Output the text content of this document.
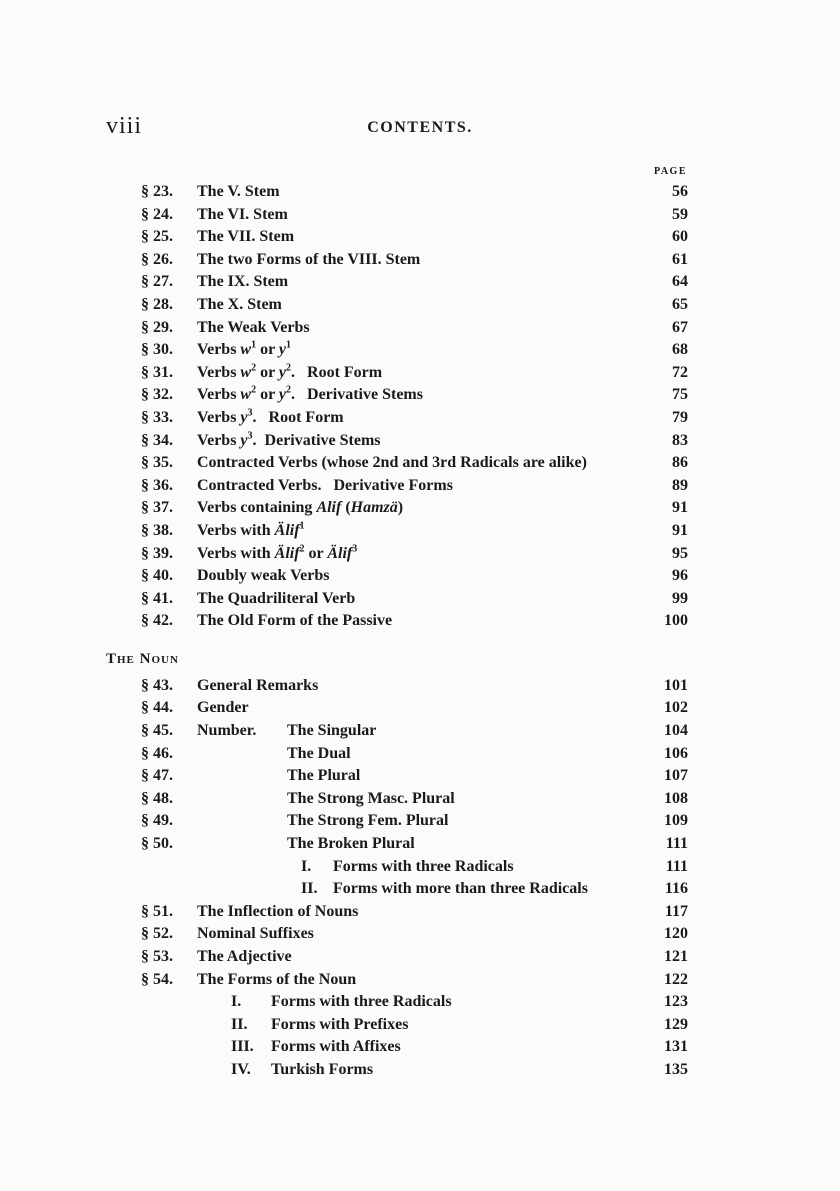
viii	CONTENTS.
PAGE
§ 23. The V. Stem	56
§ 24. The VI. Stem	59
§ 25. The VII. Stem	60
§ 26. The two Forms of the VIII. Stem	61
§ 27. The IX. Stem	64
§ 28. The X. Stem	65
§ 29. The Weak Verbs	67
§ 30. Verbs $w^1$ or $y^1$	68
§ 31. Verbs $w^2$ or $y^2$.   Root Form	72
§ 32. Verbs $w^2$ or $y^2$.   Derivative Stems	75
§ 33. Verbs $y^3$.   Root Form	79
§ 34. Verbs $y^3$.  Derivative Stems	83
§ 35. Contracted Verbs (whose 2nd and 3rd Radicals are alike)	86
§ 36. Contracted Verbs.   Derivative Forms	89
§ 37. Verbs containing Alif (Hamzä)	91
§ 38. Verbs with Älif$^1$	91
§ 39. Verbs with Älif$^2$ or Älif$^3$	95
§ 40. Doubly weak Verbs	96
§ 41. The Quadriliteral Verb	99
§ 42. The Old Form of the Passive	100
The Noun
§ 43. General Remarks	101
§ 44. Gender	102
§ 45. Number. The Singular	104
§ 46.	The Dual	106
§ 47.	The Plural	107
§ 48.	The Strong Masc. Plural	108
§ 49.	The Strong Fem. Plural	109
§ 50.	The Broken Plural	111
I. Forms with three Radicals	111
II. Forms with more than three Radicals	116
§ 51. The Inflection of Nouns	117
§ 52. Nominal Suffixes	120
§ 53. The Adjective	121
§ 54. The Forms of the Noun	122
I. Forms with three Radicals	123
II. Forms with Prefixes	129
III. Forms with Affixes	131
IV. Turkish Forms	135
